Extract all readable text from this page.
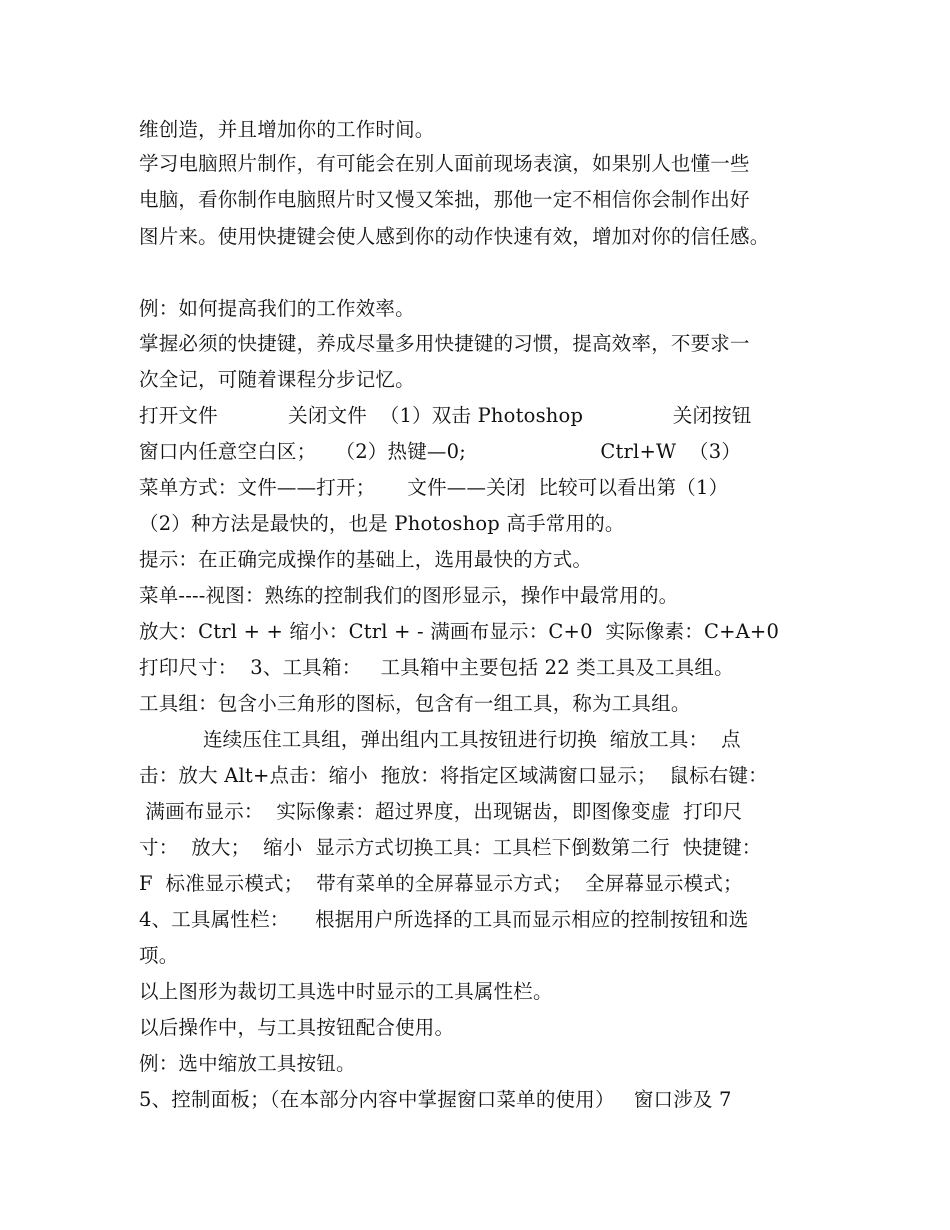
维创造，并且增加你的工作时间。
学习电脑照片制作，有可能会在别人面前现场表演，如果别人也懂一些
电脑，看你制作电脑照片时又慢又笨拙，那他一定不相信你会制作出好
图片来。使用快捷键会使人感到你的动作快速有效，增加对你的信任感。
例：如何提高我们的工作效率。
掌握必须的快捷键，养成尽量多用快捷键的习惯，提高效率，不要求一
次全记，可随着课程分步记忆。
打开文件           关闭文件  （1）双击 Photoshop              关闭按钮
窗口内任意空白区；   （2）热键—0;                     Ctrl+W  （3）
菜单方式：文件——打开；     文件——关闭  比较可以看出第（1）
（2）种方法是最快的，也是 Photoshop 高手常用的。
提示：在正确完成操作的基础上，选用最快的方式。
菜单----视图：熟练的控制我们的图形显示，操作中最常用的。
放大：Ctrl + + 缩小：Ctrl + - 满画布显示：C+0  实际像素：C+A+0
打印尺寸：  3、工具箱：   工具箱中主要包括 22 类工具及工具组。
工具组：包含小三角形的图标，包含有一组工具，称为工具组。
连续压住工具组，弹出组内工具按钮进行切换  缩放工具：  点
击：放大 Alt+点击：缩小  拖放：将指定区域满窗口显示；  鼠标右键：
满画布显示：  实际像素：超过界度，出现锯齿，即图像变虚  打印尺
寸：  放大；  缩小  显示方式切换工具：工具栏下倒数第二行  快捷键：
F  标准显示模式；  带有菜单的全屏幕显示方式；  全屏幕显示模式；
4、工具属性栏：    根据用户所选择的工具而显示相应的控制按钮和选
项。
以上图形为裁切工具选中时显示的工具属性栏。
以后操作中，与工具按钮配合使用。
例：选中缩放工具按钮。
5、控制面板；（在本部分内容中掌握窗口菜单的使用）   窗口涉及 7
